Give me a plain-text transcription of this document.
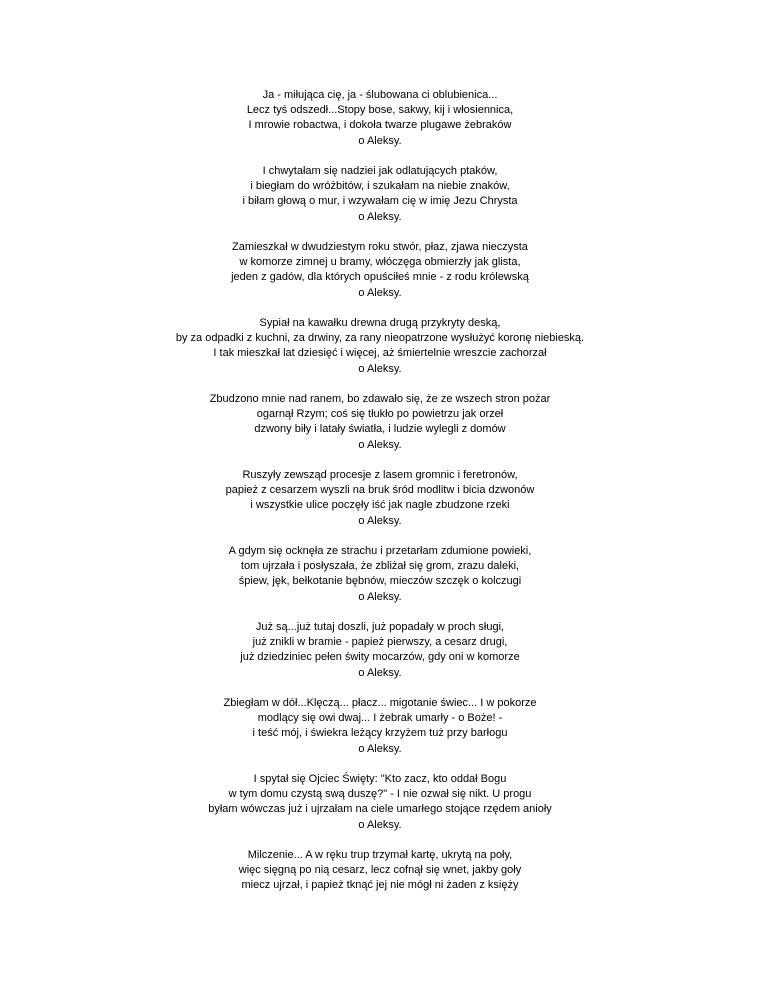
Ja - miłująca cię, ja - ślubowana ci oblubienica...
Lecz tyś odszedł...Stopy bose, sakwy, kij i włosiennica,
I mrowie robactwa, i dokoła twarze plugawe żebraków
o Aleksy.
I chwytałam się nadziei jak odlatujących ptaków,
i biegłam do wróżbitów, i szukałam na niebie znaków,
i biłam głową o mur, i wzywałam cię w imię Jezu Chrysta
o Aleksy.
Zamieszkał w dwudziestym roku stwór, płaz, zjawa nieczysta
w komorze zimnej u bramy, włóczęga obmierzły jak glista,
jeden z gadów, dla których opuściłeś mnie - z rodu królewską
o Aleksy.
Sypiał na kawałku drewna drugą przykryty deską,
by za odpadki z kuchni, za drwiny, za rany nieopatrzone wysłużyć koronę niebieską.
I tak mieszkał lat dziesięć i więcej, aż śmiertelnie wreszcie zachorzał
o Aleksy.
Zbudzono mnie nad ranem, bo zdawało się, że ze wszech stron pożar
ogarnął Rzym; coś się tłukło po powietrzu jak orzeł
dzwony biły i latały światła, i ludzie wylegli z domów
o Aleksy.
Ruszyły zewsząd procesje z lasem gromnic i feretronów,
papież z cesarzem wyszli na bruk śród modlitw i bicia dzwonów
i wszystkie ulice poczęły iść jak nagle zbudzone rzeki
o Aleksy.
A gdym się ocknęła ze strachu i przetarłam zdumione powieki,
tom ujrzała i posłyszała, że zbliżał się grom, zrazu daleki,
śpiew, jęk, bełkotanie bębnów, mieczów szczęk o kolczugi
o Aleksy.
Już są...już tutaj doszli, już popadały w proch sługi,
już znikli w bramie - papież pierwszy, a cesarz drugi,
już dziedziniec pełen świty mocarzów, gdy oni w komorze
o Aleksy.
Zbiegłam w dół...Klęczą... płacz... migotanie świec... I w pokorze
modlący się owi dwaj... I żebrak umarły - o Boże! -
i teść mój, i świekra leżący krzyżem tuż przy barłogu
o Aleksy.
I spytał się Ojciec Święty: "Kto zacz, kto oddał Bogu
w tym domu czystą swą duszę?" - I nie ozwał się nikt. U progu
byłam wówczas już i ujrzałam na ciele umarłego stojące rzędem anioły
o Aleksy.
Milczenie... A w ręku trup trzymał kartę, ukrytą na poły,
więc sięgną po nią cesarz, lecz cofnął się wnet, jakby goły
miecz ujrzał, i papież tknąć jej nie mógł ni żaden z księży
